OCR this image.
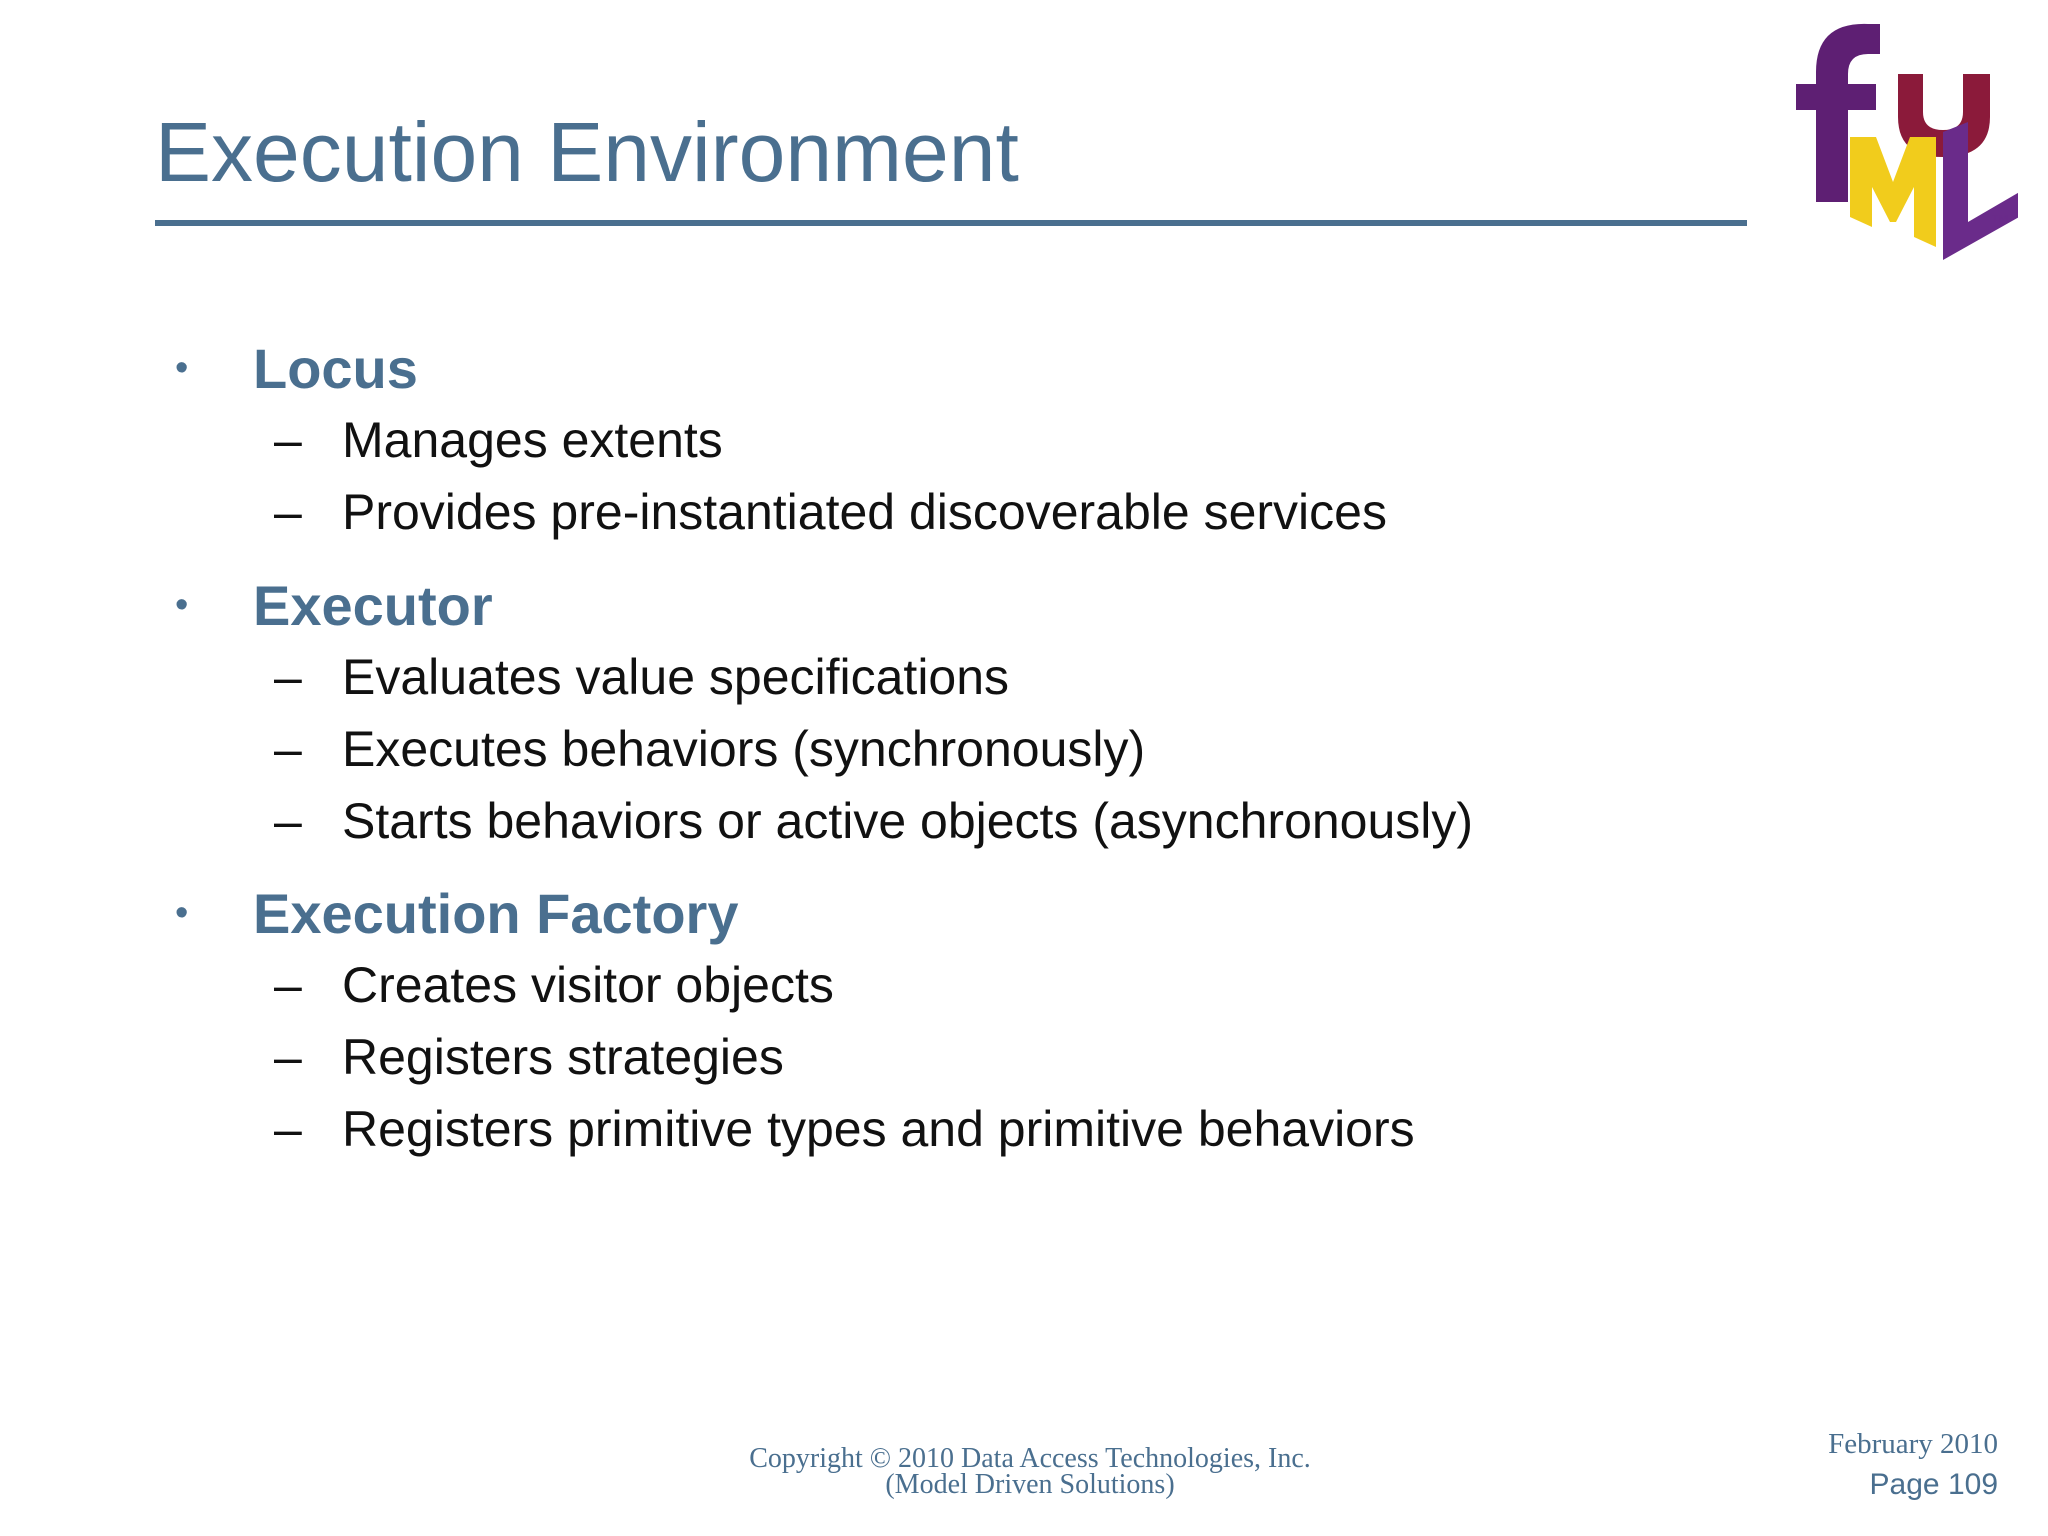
Execution Environment
TM
•	Locus
– Manages extents
– Provides pre-instantiated discoverable services
•	Executor
– Evaluates value specifications
– Executes behaviors (synchronously)
– Starts behaviors or active objects (asynchronously)
•	Execution Factory
– Creates visitor objects
– Registers strategies
– Registers primitive types and primitive behaviors
Copyright © 2010 Data Access Technologies, Inc.
(Model Driven Solutions)
February 2010
Page 109
